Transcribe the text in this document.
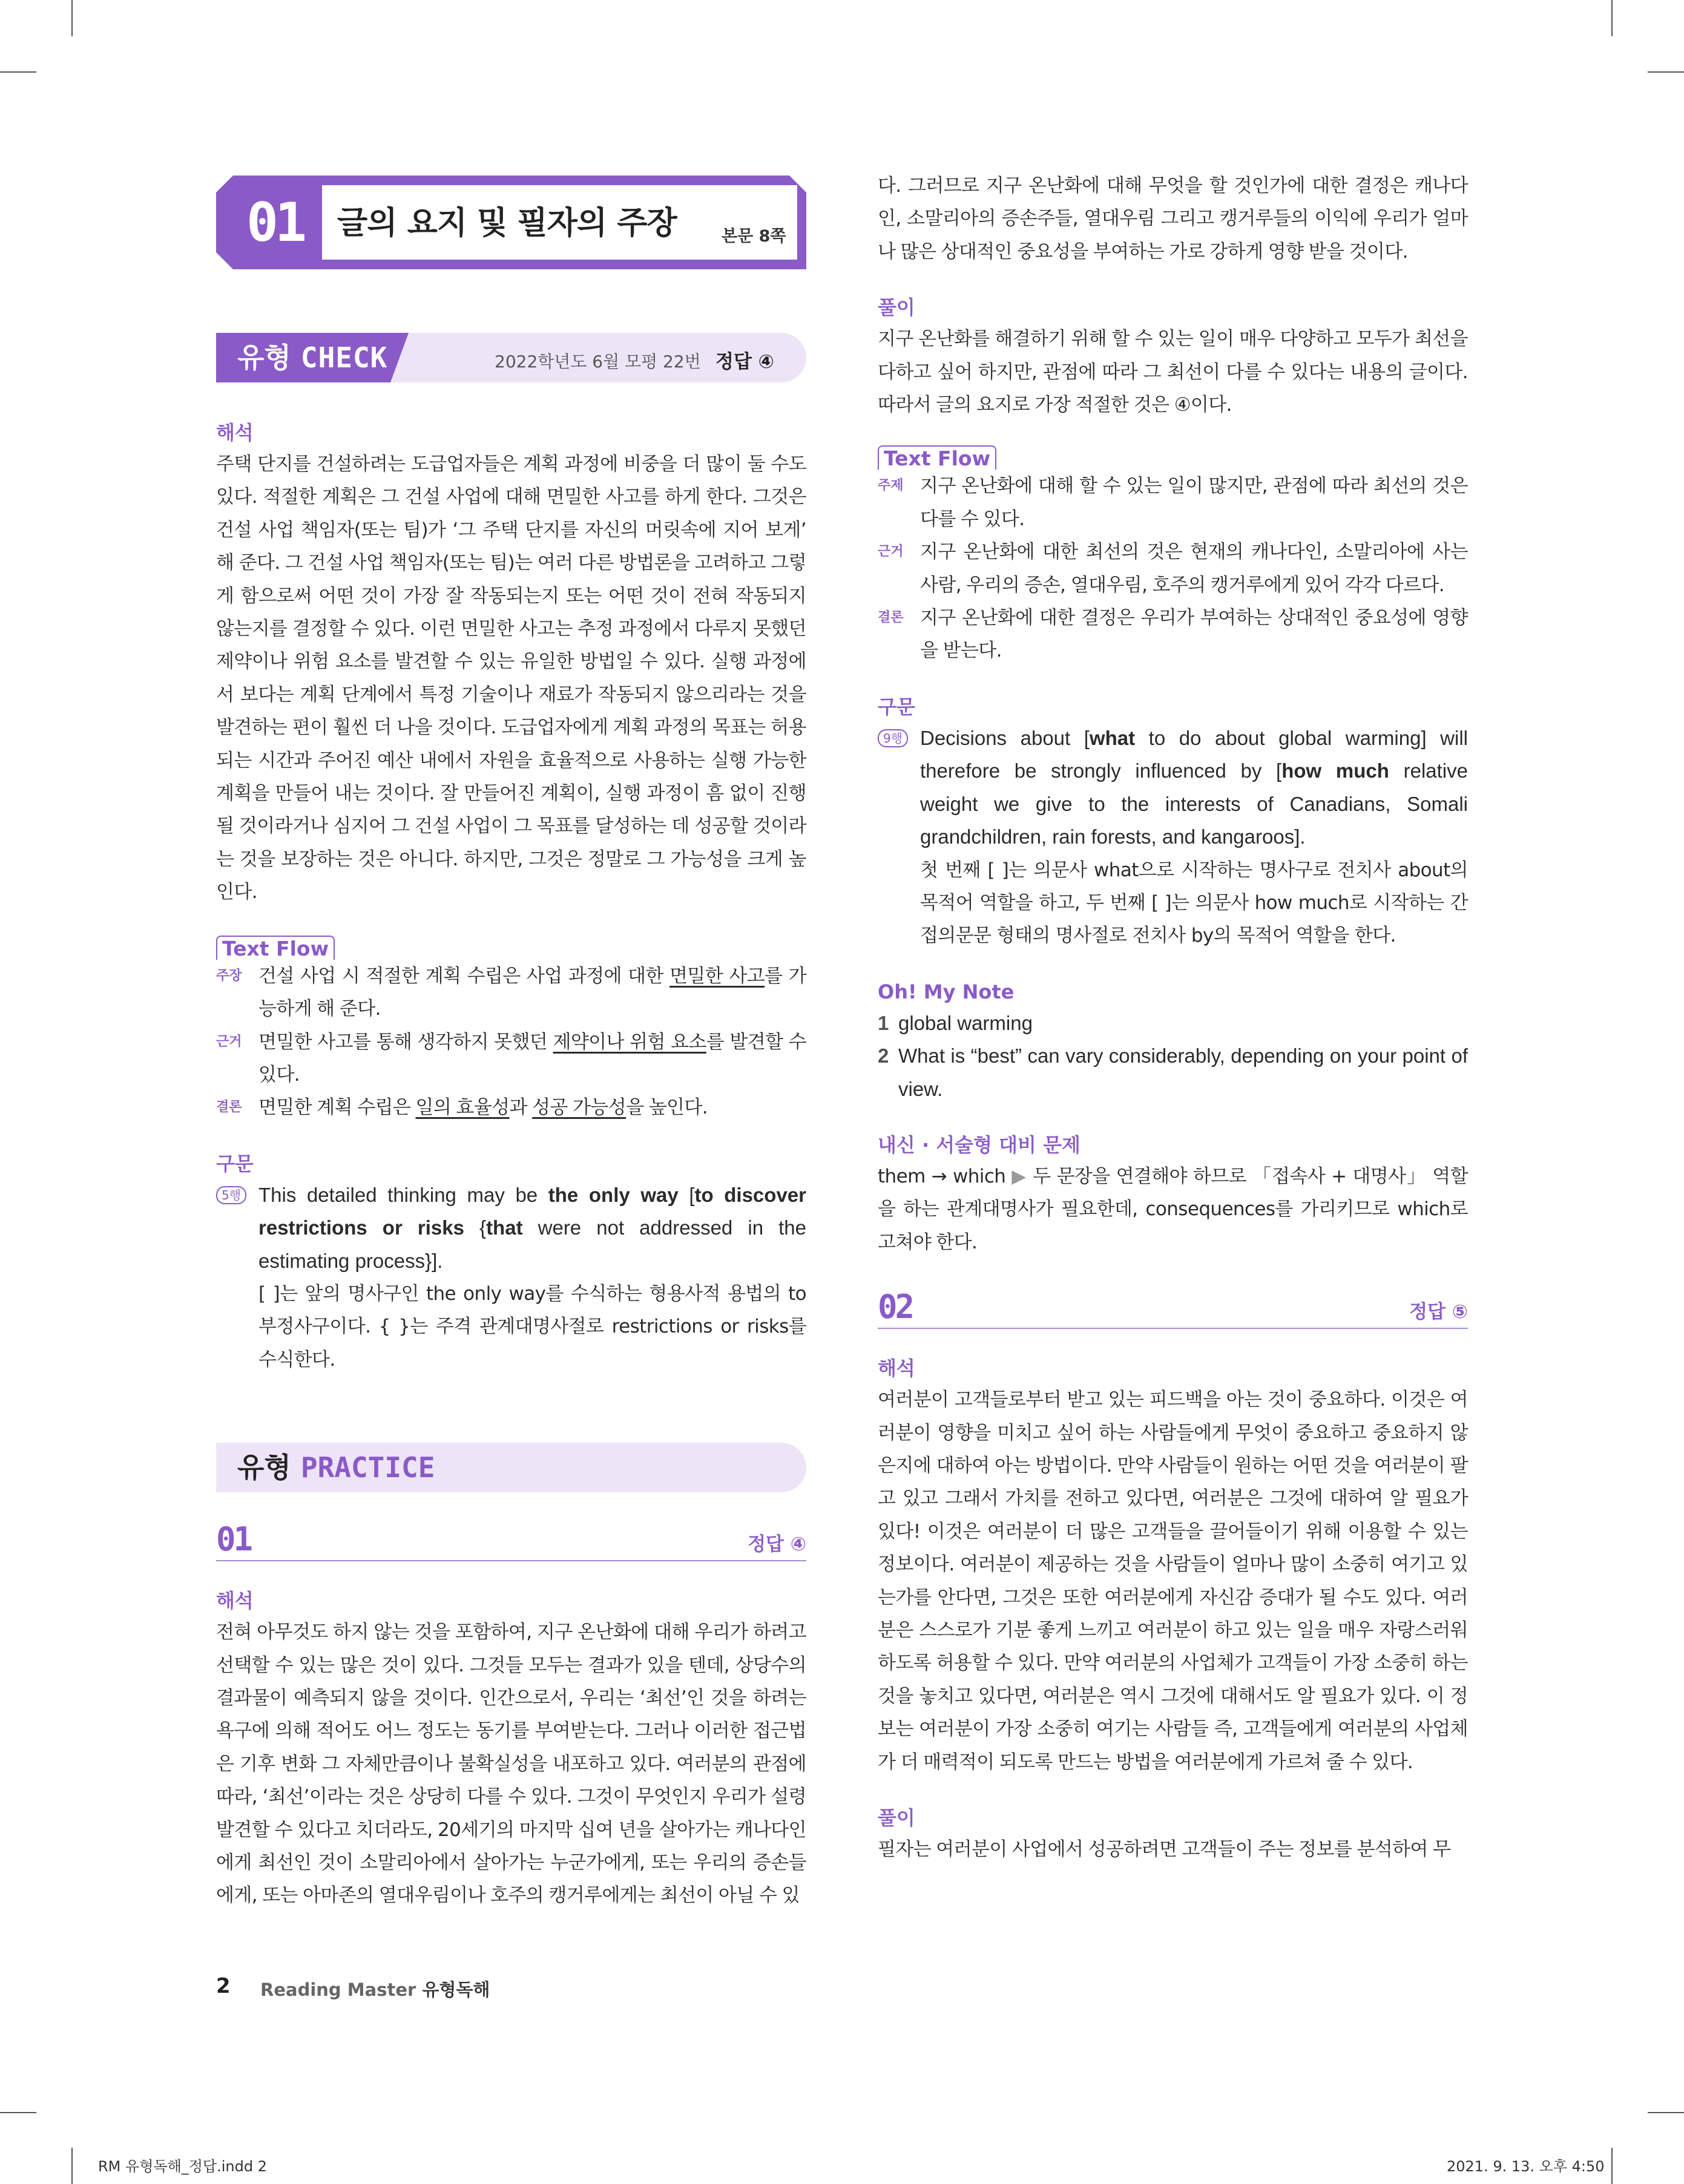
01	글의 요지 및 필자의 주장	본문 8쪽
유형 CHECK	2022학년도 6월 모평 22번 정답 ④
해석
주택 단지를 건설하려는 도급업자들은 계획 과정에 비중을 더 많이 둘 수도 있다. 적절한 계획은 그 건설 사업에 대해 면밀한 사고를 하게 한다. 그것은 건설 사업 책임자(또는 팀)가 ‘그 주택 단지를 자신의 머릿속에 지어 보게’ 해 준다. 그 건설 사업 책임자(또는 팀)는 여러 다른 방법론을 고려하고 그렇게 함으로써 어떤 것이 가장 잘 작동되는지 또는 어떤 것이 전혀 작동되지 않는지를 결정할 수 있다. 이런 면밀한 사고는 추정 과정에서 다루지 못했던 제약이나 위험 요소를 발견할 수 있는 유일한 방법일 수 있다. 실행 과정에서 보다는 계획 단계에서 특정 기술이나 재료가 작동되지 않으리라는 것을 발견하는 편이 훨씬 더 나을 것이다. 도급업자에게 계획 과정의 목표는 허용되는 시간과 주어진 예산 내에서 자원을 효율적으로 사용하는 실행 가능한 계획을 만들어 내는 것이다. 잘 만들어진 계획이, 실행 과정이 흠 없이 진행될 것이라거나 심지어 그 건설 사업이 그 목표를 달성하는 데 성공할 것이라는 것을 보장하는 것은 아니다. 하지만, 그것은 정말로 그 가능성을 크게 높인다.
Text Flow
주장 건설 사업 시 적절한 계획 수립은 사업 과정에 대한 면밀한 사고를 가능하게 해 준다.
근거 면밀한 사고를 통해 생각하지 못했던 제약이나 위험 요소를 발견할 수 있다.
결론 면밀한 계획 수립은 일의 효율성과 성공 가능성을 높인다.
구문
5행 This detailed thinking may be the only way [to discover restrictions or risks {that were not addressed in the estimating process}].
[ ]는 앞의 명사구인 the only way를 수식하는 형용사적 용법의 to부정사구이다. { }는 주격 관계대명사절로 restrictions or risks를 수식한다.
유형 PRACTICE
01	정답 ④
해석
전혀 아무것도 하지 않는 것을 포함하여, 지구 온난화에 대해 우리가 하려고 선택할 수 있는 많은 것이 있다. 그것들 모두는 결과가 있을 텐데, 상당수의 결과물이 예측되지 않을 것이다. 인간으로서, 우리는 ‘최선’인 것을 하려는 욕구에 의해 적어도 어느 정도는 동기를 부여받는다. 그러나 이러한 접근법은 기후 변화 그 자체만큼이나 불확실성을 내포하고 있다. 여러분의 관점에 따라, ‘최선’이라는 것은 상당히 다를 수 있다. 그것이 무엇인지 우리가 설령 발견할 수 있다고 치더라도, 20세기의 마지막 십여 년을 살아가는 캐나다인에게 최선인 것이 소말리아에서 살아가는 누군가에게, 또는 우리의 증손들에게, 또는 아마존의 열대우림이나 호주의 캥거루에게는 최선이 아닐 수 있
다. 그러므로 지구 온난화에 대해 무엇을 할 것인가에 대한 결정은 캐나다인, 소말리아의 증손주들, 열대우림 그리고 캥거루들의 이익에 우리가 얼마나 많은 상대적인 중요성을 부여하는 가로 강하게 영향 받을 것이다.
풀이
지구 온난화를 해결하기 위해 할 수 있는 일이 매우 다양하고 모두가 최선을 다하고 싶어 하지만, 관점에 따라 그 최선이 다를 수 있다는 내용의 글이다. 따라서 글의 요지로 가장 적절한 것은 ④이다.
Text Flow
주제 지구 온난화에 대해 할 수 있는 일이 많지만, 관점에 따라 최선의 것은 다를 수 있다.
근거 지구 온난화에 대한 최선의 것은 현재의 캐나다인, 소말리아에 사는 사람, 우리의 증손, 열대우림, 호주의 캥거루에게 있어 각각 다르다.
결론 지구 온난화에 대한 결정은 우리가 부여하는 상대적인 중요성에 영향을 받는다.
구문
9행 Decisions about [what to do about global warming] will therefore be strongly influenced by [how much relative weight we give to the interests of Canadians, Somali grandchildren, rain forests, and kangaroos].
첫 번째 [ ]는 의문사 what으로 시작하는 명사구로 전치사 about의 목적어 역할을 하고, 두 번째 [ ]는 의문사 how much로 시작하는 간접의문문 형태의 명사절로 전치사 by의 목적어 역할을 한다.
Oh! My Note
1 global warming
2 What is “best” can vary considerably, depending on your point of view.
내신 · 서술형 대비 문제
them → which ▶ 두 문장을 연결해야 하므로 「접속사 + 대명사」 역할을 하는 관계대명사가 필요한데, consequences를 가리키므로 which로 고쳐야 한다.
02	정답 ⑤
해석
여러분이 고객들로부터 받고 있는 피드백을 아는 것이 중요하다. 이것은 여러분이 영향을 미치고 싶어 하는 사람들에게 무엇이 중요하고 중요하지 않은지에 대하여 아는 방법이다. 만약 사람들이 원하는 어떤 것을 여러분이 팔고 있고 그래서 가치를 전하고 있다면, 여러분은 그것에 대하여 알 필요가 있다! 이것은 여러분이 더 많은 고객들을 끌어들이기 위해 이용할 수 있는 정보이다. 여러분이 제공하는 것을 사람들이 얼마나 많이 소중히 여기고 있는가를 안다면, 그것은 또한 여러분에게 자신감 증대가 될 수도 있다. 여러분은 스스로가 기분 좋게 느끼고 여러분이 하고 있는 일을 매우 자랑스러워하도록 허용할 수 있다. 만약 여러분의 사업체가 고객들이 가장 소중히 하는 것을 놓치고 있다면, 여러분은 역시 그것에 대해서도 알 필요가 있다. 이 정보는 여러분이 가장 소중히 여기는 사람들 즉, 고객들에게 여러분의 사업체가 더 매력적이 되도록 만드는 방법을 여러분에게 가르쳐 줄 수 있다.
풀이
필자는 여러분이 사업에서 성공하려면 고객들이 주는 정보를 분석하여 무
2 Reading Master 유형독해
RM 유형독해_정답.indd 2	2021. 9. 13. 오후 4:50
